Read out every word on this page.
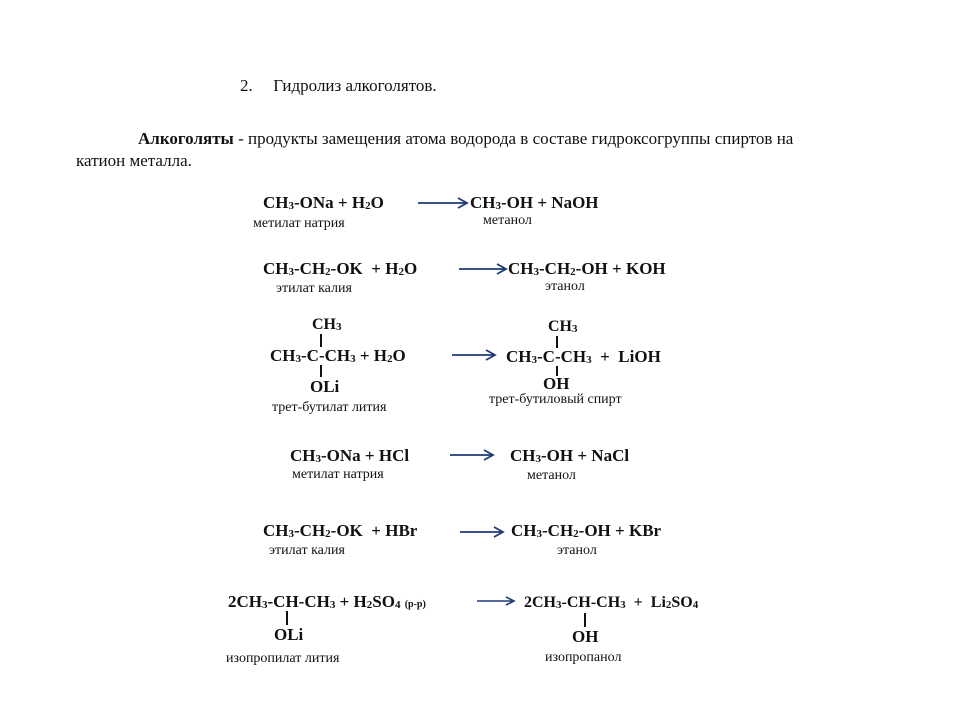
2. Гидролиз алкоголятов.
Алкоголяты - продукты замещения атома водорода в составе гидроксогруппы спиртов на
катион металла.
$CH_3$-ONa + $H_2O \to CH_3-OH$ + NaOH
метилат натрия	метанол
$CH_3-CH_2-OK + H_2O$	→ $CH_3-CH_2-OH$ + KOH
этилат калия	этанол
$CH_3$
$CH_3-C-CH_3 + H_2O$
OLi
$CH_3$
$CH_3-C-CH_3$  +  LiOH
OH
трет-бутилат лития
трет-бутиловый спирт
$CH_3$-ONa + HCl	→ $CH_3-OH$ + NaCl
метилат натрия	метанол
$CH_3-CH_2-OK$  + HBr	→ $CH_3-CH_2-OH$ + KBr
этилат калия	этанол
$2CH_3-CH-CH_3 + H_2SO_4$ (р-р)
OLi
→ $2CH_3-CH-CH_3 + Li_2SO_4$
OH
изопропилат лития	изопропанол
